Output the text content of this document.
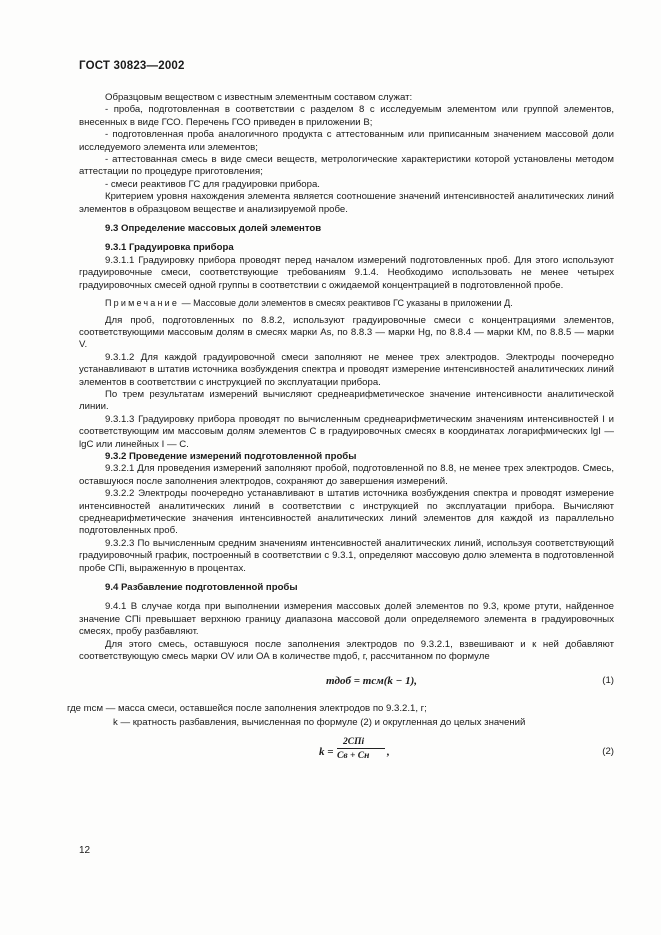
ГОСТ 30823—2002

Образцовым веществом с известным элементным составом служат:

- проба, подготовленная в соответствии с разделом 8 с исследуемым элементом или группой элементов, внесенных в виде ГСО. Перечень ГСО приведен в приложении В;

- подготовленная проба аналогичного продукта с аттестованным или приписанным значением массовой доли исследуемого элемента или элементов;

- аттестованная смесь в виде смеси веществ, метрологические характеристики которой установлены методом аттестации по процедуре приготовления;

- смеси реактивов ГС для градуировки прибора.

Критерием уровня нахождения элемента является соотношение значений интенсивностей аналитических линий элементов в образцовом веществе и анализируемой пробе.

9.3 Определение массовых долей элементов

9.3.1 Градуировка прибора

9.3.1.1 Градуировку прибора проводят перед началом измерений подготовленных проб. Для этого используют градуировочные смеси, соответствующие требованиям 9.1.4. Необходимо использовать не менее четырех градуировочных смесей одной группы в соответствии с ожидаемой концентрацией в подготовленной пробе.

Примечание — Массовые доли элементов в смесях реактивов ГС указаны в приложении Д.

Для проб, подготовленных по 8.8.2, используют градуировочные смеси с концентрациями элементов, соответствующими массовым долям в смесях марки As, по 8.8.3 — марки Hg, по 8.8.4 — марки КМ, по 8.8.5 — марки V.

9.3.1.2 Для каждой градуировочной смеси заполняют не менее трех электродов. Электроды поочередно устанавливают в штатив источника возбуждения спектра и проводят измерение интенсивностей аналитических линий элементов в соответствии с инструкцией по эксплуатации прибора.

По трем результатам измерений вычисляют среднеарифметическое значение интенсивности аналитической линии.

9.3.1.3 Градуировку прибора проводят по вычисленным среднеарифметическим значениям интенсивностей I и соответствующим им массовым долям элементов C в градуировочных смесях в координатах логарифмических lgI — lgC или линейных I — C.

9.3.2 Проведение измерений подготовленной пробы

9.3.2.1 Для проведения измерений заполняют пробой, подготовленной по 8.8, не менее трех электродов. Смесь, оставшуюся после заполнения электродов, сохраняют до завершения измерений.

9.3.2.2 Электроды поочередно устанавливают в штатив источника возбуждения спектра и проводят измерение интенсивностей аналитических линий в соответствии с инструкцией по эксплуатации прибора. Вычисляют среднеарифметические значения интенсивностей аналитических линий элементов для каждой из параллельно подготовленных проб.

9.3.2.3 По вычисленным средним значениям интенсивностей аналитических линий, используя соответствующий градуировочный график, построенный в соответствии с 9.3.1, определяют массовую долю элемента в подготовленной пробе CПi, выраженную в процентах.

9.4 Разбавление подготовленной пробы

9.4.1 В случае когда при выполнении измерения массовых долей элементов по 9.3, кроме ртути, найденное значение CПi превышает верхнюю границу диапазона массовой доли определяемого элемента в градуировочных смесях, пробу разбавляют.

Для этого смесь, оставшуюся после заполнения электродов по 9.3.2.1, взвешивают и к ней добавляют соответствующую смесь марки OV или ОА в количестве mдоб, г, рассчитанном по формуле

mдоб = mсм(k − 1),	(1)
где mсм — масса смеси, оставшейся после заполнения электродов по 9.3.2.1, г;
k — кратность разбавления, вычисленная по формуле (2) и округленная до целых значений
k =
2CПi
Cв + Cн ,	(2)
12
